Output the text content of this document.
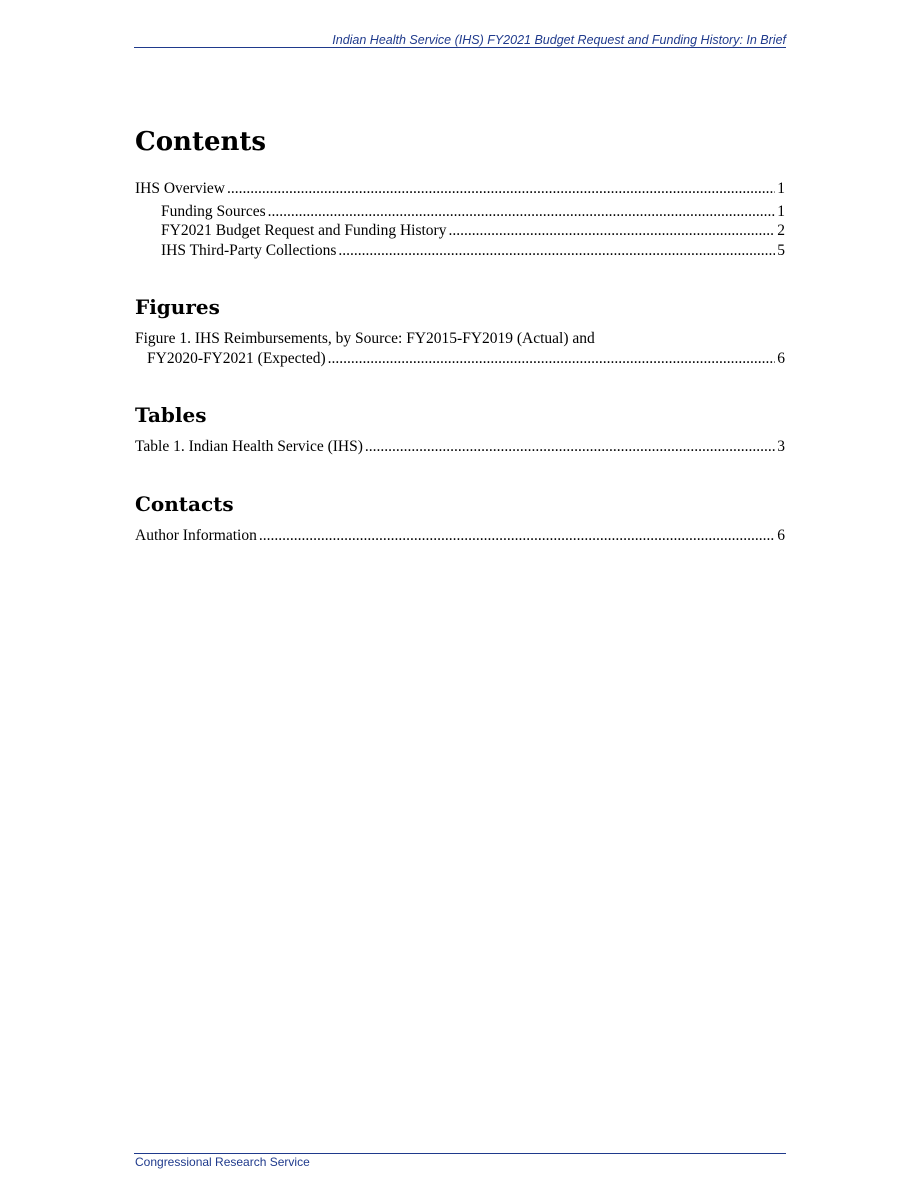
Indian Health Service (IHS) FY2021 Budget Request and Funding History: In Brief
Contents
IHS Overview .....	1
Funding Sources .....	1
FY2021 Budget Request and Funding History .....	2
IHS Third-Party Collections .....	5
Figures
Figure 1. IHS Reimbursements, by Source: FY2015-FY2019 (Actual) and
FY2020-FY2021 (Expected) .....	6
Tables
Table 1. Indian Health Service (IHS) .....	3
Contacts
Author Information .....	6
Congressional Research Service
